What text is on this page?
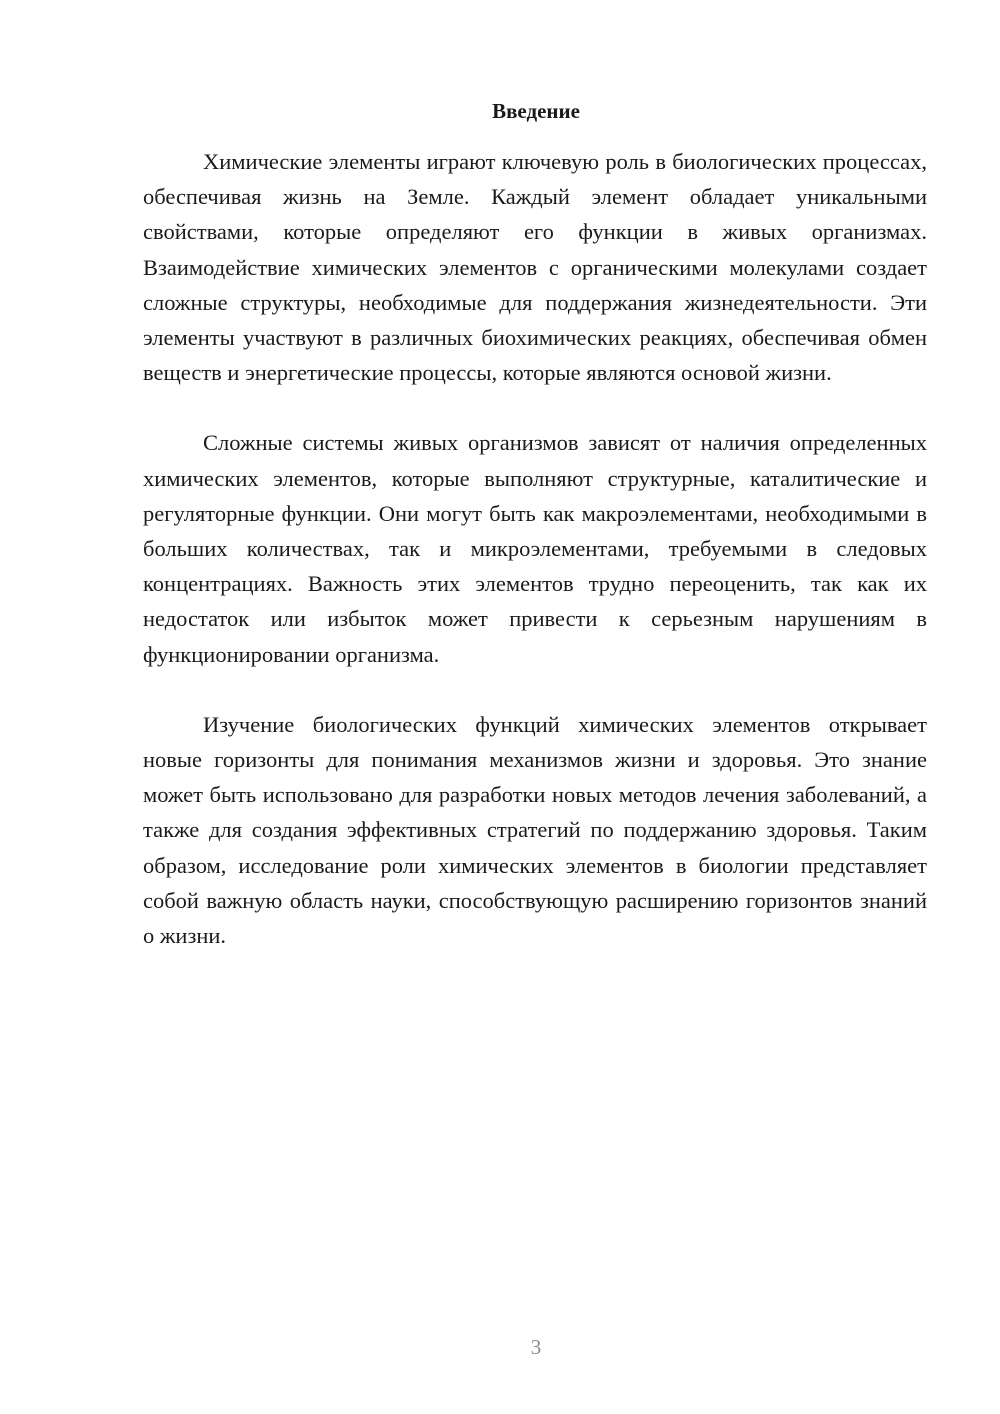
Введение

Химические элементы играют ключевую роль в биологических процессах, обеспечивая жизнь на Земле. Каждый элемент обладает уникальными свойствами, которые определяют его функции в живых организмах. Взаимодействие химических элементов с органическими молекулами создает сложные структуры, необходимые для поддержания жизнедеятельности. Эти элементы участвуют в различных биохимических реакциях, обеспечивая обмен веществ и энергетические процессы, которые являются основой жизни.

Сложные системы живых организмов зависят от наличия определенных химических элементов, которые выполняют структурные, каталитические и регуляторные функции. Они могут быть как макроэлементами, необходимыми в больших количествах, так и микроэлементами, требуемыми в следовых концентрациях. Важность этих элементов трудно переоценить, так как их недостаток или избыток может привести к серьезным нарушениям в функционировании организма.

Изучение биологических функций химических элементов открывает новые горизонты для понимания механизмов жизни и здоровья. Это знание может быть использовано для разработки новых методов лечения заболеваний, а также для создания эффективных стратегий по поддержанию здоровья. Таким образом, исследование роли химических элементов в биологии представляет собой важную область науки, способствующую расширению горизонтов знаний о жизни.

3
